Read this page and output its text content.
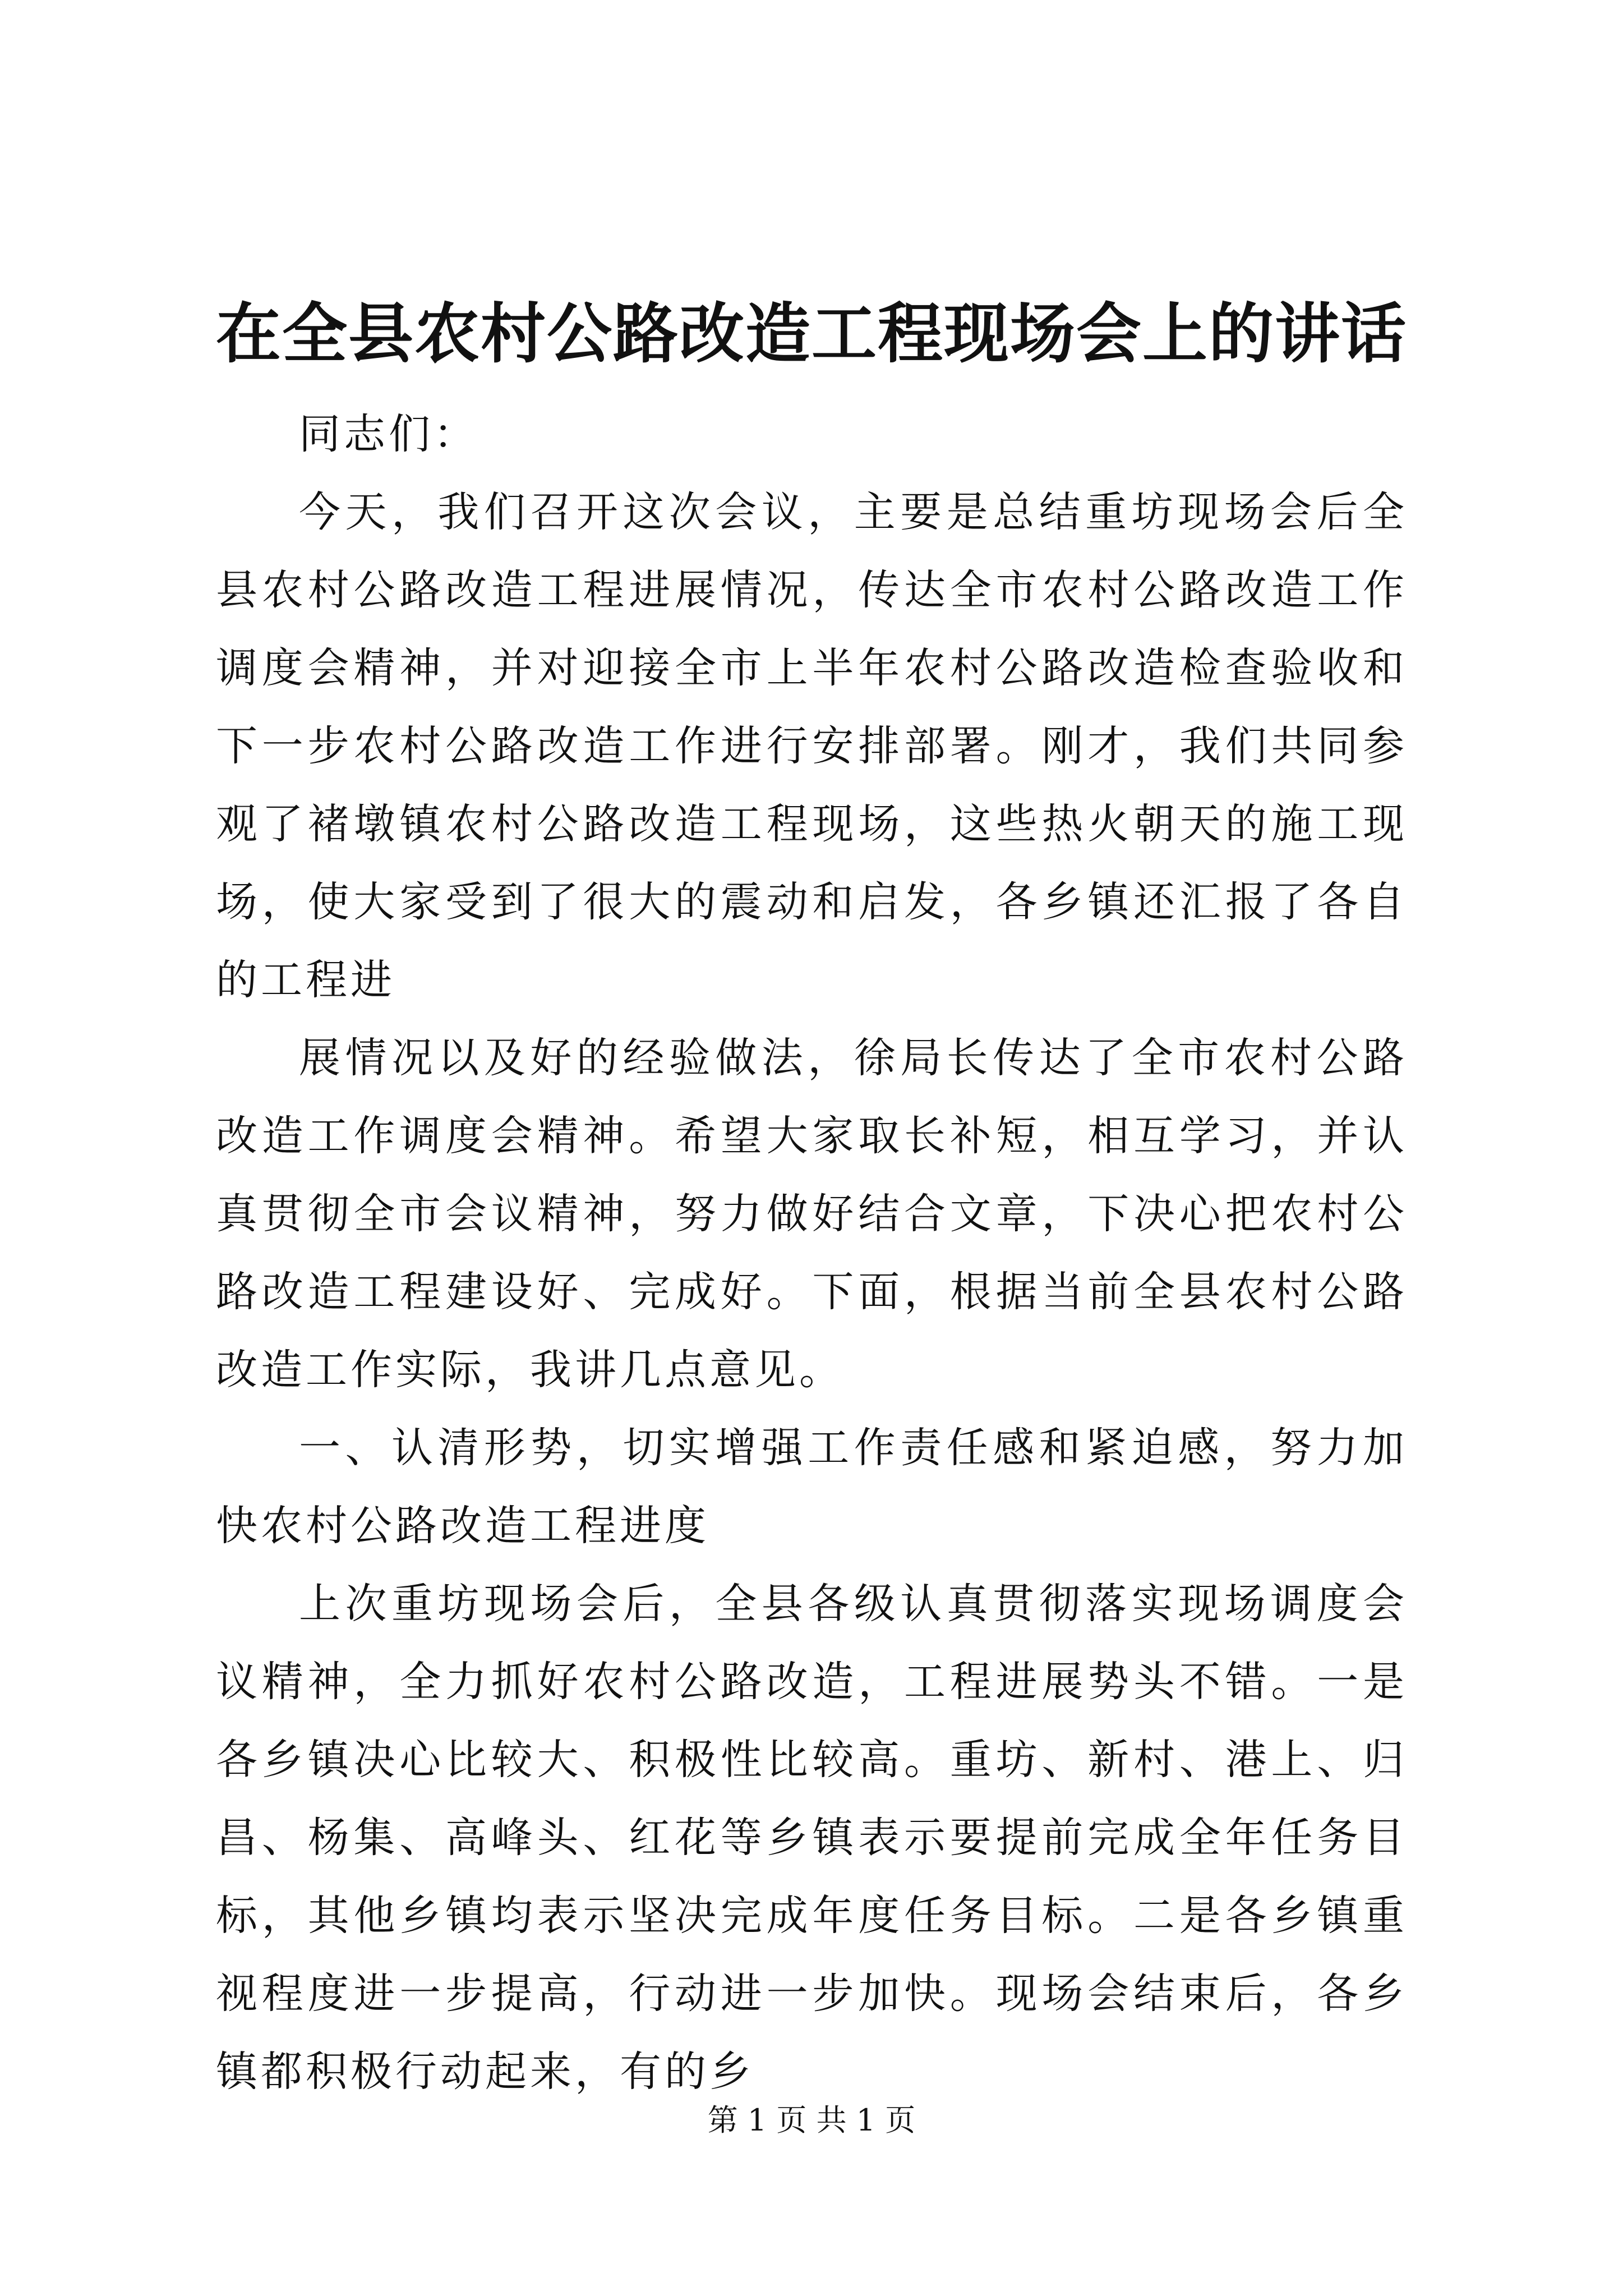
在全县农村公路改造工程现场会上的讲话

同志们：

今天，我们召开这次会议，主要是总结重坊现场会后全县农村公路改造工程进展情况，传达全市农村公路改造工作调度会精神，并对迎接全市上半年农村公路改造检查验收和下一步农村公路改造工作进行安排部署。刚才，我们共同参观了褚墩镇农村公路改造工程现场，这些热火朝天的施工现场，使大家受到了很大的震动和启发，各乡镇还汇报了各自的工程进

展情况以及好的经验做法，徐局长传达了全市农村公路改造工作调度会精神。希望大家取长补短，相互学习，并认真贯彻全市会议精神，努力做好结合文章，下决心把农村公路改造工程建设好、完成好。下面，根据当前全县农村公路改造工作实际，我讲几点意见。

一、认清形势，切实增强工作责任感和紧迫感，努力加快农村公路改造工程进度

上次重坊现场会后，全县各级认真贯彻落实现场调度会议精神，全力抓好农村公路改造，工程进展势头不错。一是各乡镇决心比较大、积极性比较高。重坊、新村、港上、归昌、杨集、高峰头、红花等乡镇表示要提前完成全年任务目标，其他乡镇均表示坚决完成年度任务目标。二是各乡镇重视程度进一步提高，行动进一步加快。现场会结束后，各乡镇都积极行动起来，有的乡

第 1 页 共 1 页
